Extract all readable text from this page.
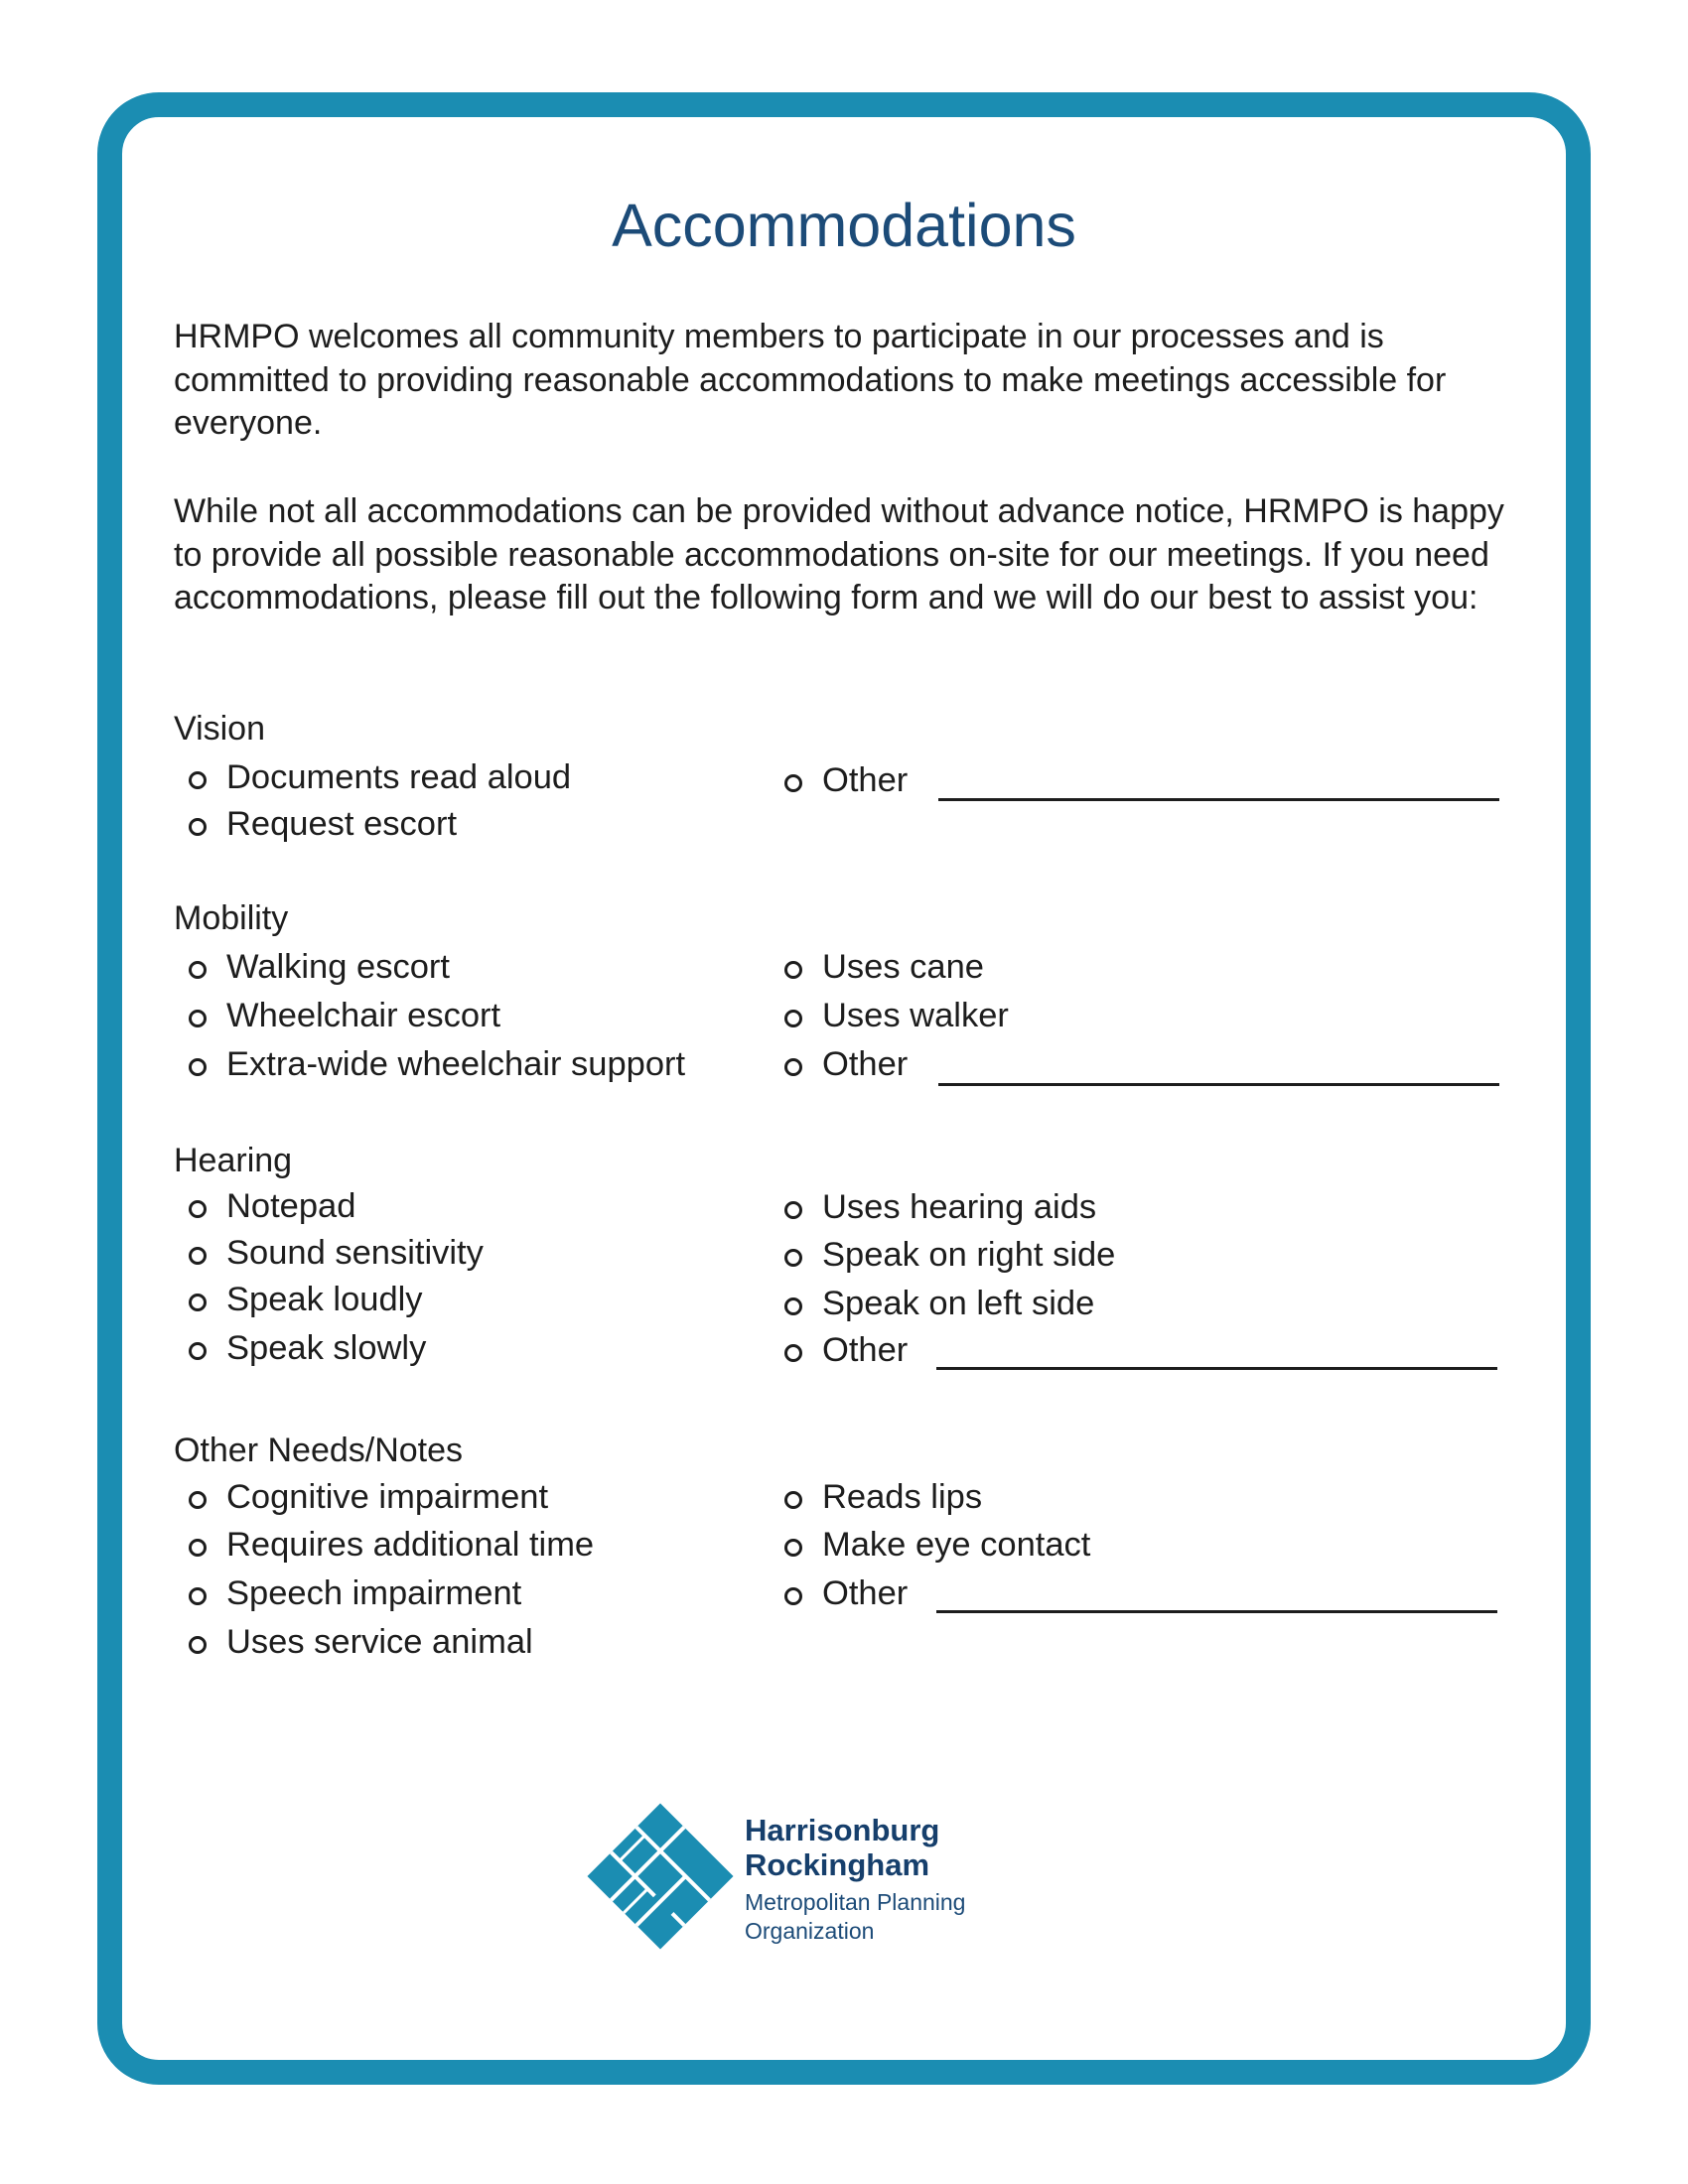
Accommodations

HRMPO welcomes all community members to participate in our processes and is committed to providing reasonable accommodations to make meetings accessible for everyone.

While not all accommodations can be provided without advance notice, HRMPO is happy to provide all possible reasonable accommodations on-site for our meetings. If you need accommodations, please fill out the following form and we will do our best to assist you:

Vision
Documents read aloud
Request escort
Other
Mobility
Walking escort
Wheelchair escort
Extra-wide wheelchair support
Uses cane
Uses walker
Other
Hearing
Notepad
Sound sensitivity
Speak loudly
Speak slowly
Uses hearing aids
Speak on right side
Speak on left side
Other
Other Needs/Notes
Cognitive impairment
Requires additional time
Speech impairment
Uses service animal
Reads lips
Make eye contact
Other
Harrisonburg
Rockingham
Metropolitan Planning
Organization
